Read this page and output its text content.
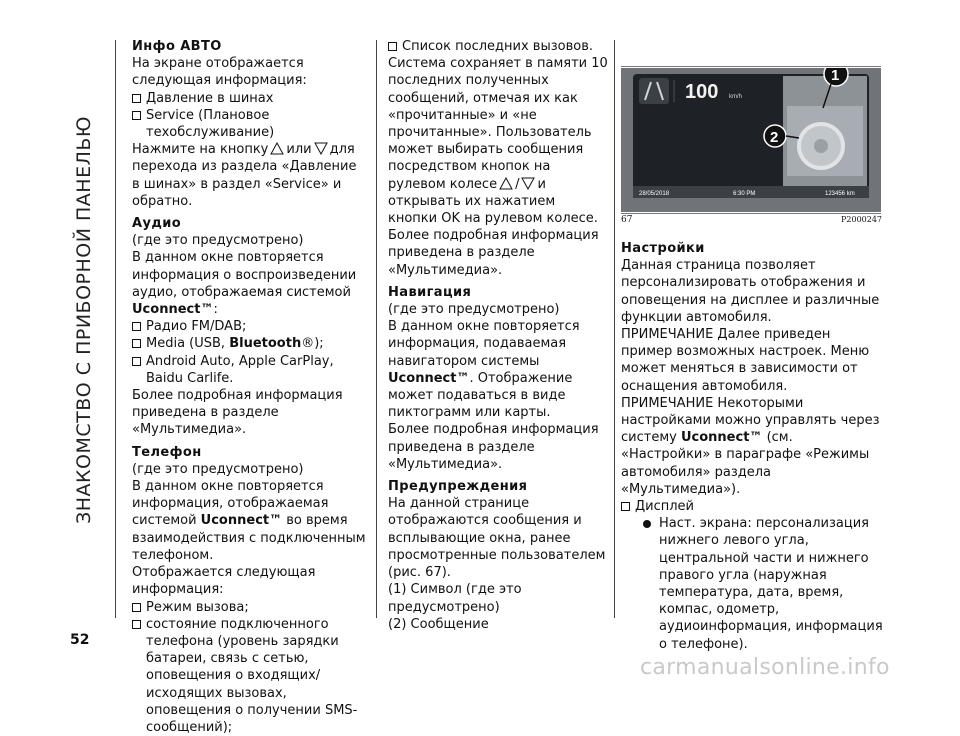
ЗНАКОМСТВО С ПРИБОРНОЙ ПАНЕЛЬЮ

Инфо АВТО

На экране отображается следующая информация:

Давление в шинах

Service (Плановое техобслуживание)

Нажмите на кнопку или для перехода из раздела «Давление в шинах» в раздел «Service» и обратно.

Аудио

(где это предусмотрено)

В данном окне повторяется информация о воспроизведении аудио, отображаемая системой Uconnect™:

Радио FM/DAB;

Media (USB, Bluetooth®);

Android Auto, Apple CarPlay, Baidu Carlife.

Более подробная информация приведена в разделе «Мультимедиа».

Телефон

(где это предусмотрено)

В данном окне повторяется информация, отображаемая системой Uconnect™ во время взаимодействия с подключенным телефоном.

Отображается следующая информация:

Режим вызова;

состояние подключенного телефона (уровень зарядки батареи, связь с сетью, оповещения о входящих/исходящих вызовах, оповещения о получении SMS-сообщений);

Список последних вызовов.

Система сохраняет в памяти 10 последних полученных сообщений, отмечая их как «прочитанные» и «не прочитанные». Пользователь может выбирать сообщения посредством кнопок на рулевом колесе / и открывать их нажатием кнопки OK на рулевом колесе.

Более подробная информация приведена в разделе «Мультимедиа».

Навигация

(где это предусмотрено)

В данном окне повторяется информация, подаваемая навигатором системы Uconnect™. Отображение может подаваться в виде пиктограмм или карты.

Более подробная информация приведена в разделе «Мультимедиа».

Предупреждения

На данной странице отображаются сообщения и всплывающие окна, ранее просмотренные пользователем (рис. 67).

(1) Символ (где это предусмотрено)

(2) Сообщение

100 km/h
28/05/2018	6:30 PM	123456 km
1
2
67	P2000247

Настройки

Данная страница позволяет персонализировать отображения и оповещения на дисплее и различные функции автомобиля.

ПРИМЕЧАНИЕ Далее приведен пример возможных настроек. Меню может меняться в зависимости от оснащения автомобиля.

ПРИМЕЧАНИЕ Некоторыми настройками можно управлять через систему Uconnect™ (см. «Настройки» в параграфе «Режимы автомобиля» раздела «Мультимедиа»).

Дисплей

Наст. экрана: персонализация нижнего левого угла, центральной части и нижнего правого угла (наружная температура, дата, время, компас, одометр, аудиоинформация, информация о телефоне).

52
carmanualsonline.info
